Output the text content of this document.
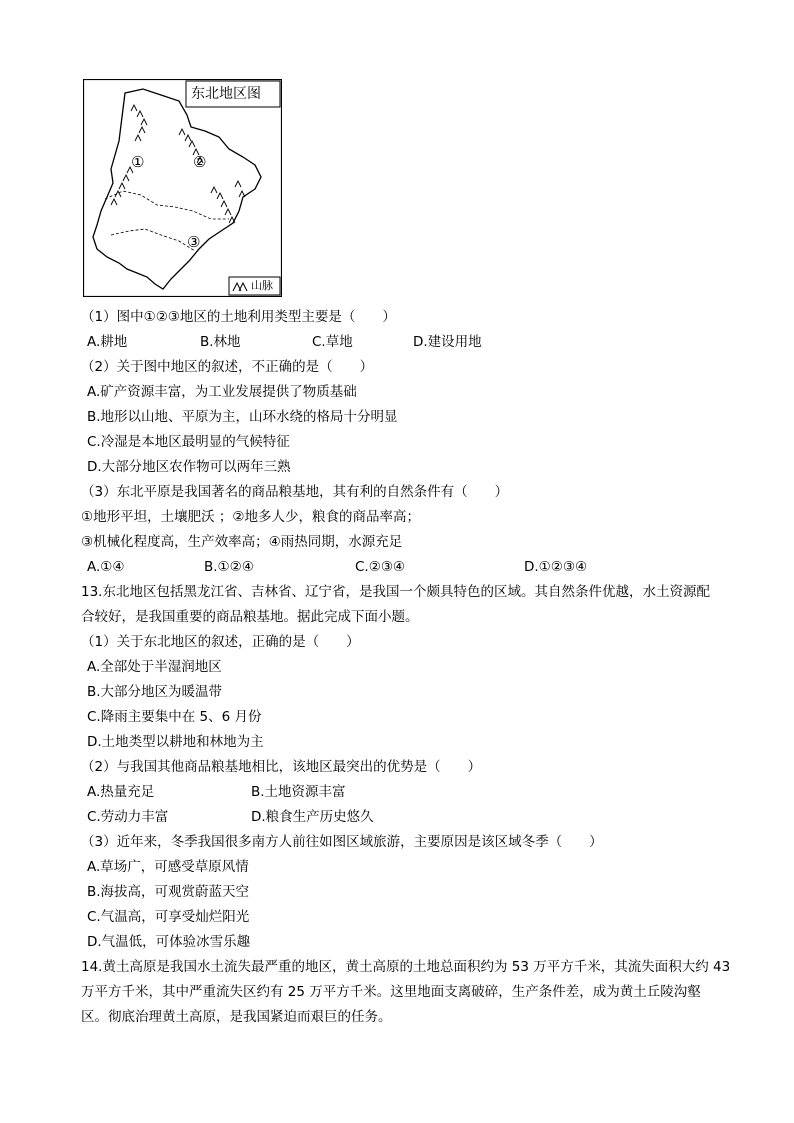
东北地区图
山脉
①	②
③
（1）图中①②③地区的土地利用类型主要是（　　）
A.耕地	B.林地	C.草地	D.建设用地
（2）关于图中地区的叙述，不正确的是（　　）
A.矿产资源丰富，为工业发展提供了物质基础
B.地形以山地、平原为主，山环水绕的格局十分明显
C.冷湿是本地区最明显的气候特征
D.大部分地区农作物可以两年三熟
（3）东北平原是我国著名的商品粮基地，其有利的自然条件有（　　）
①地形平坦，土壤肥沃 ；②地多人少，粮食的商品率高；
③机械化程度高，生产效率高；④雨热同期，水源充足
A.①④	B.①②④	C.②③④	D.①②③④
13.东北地区包括黑龙江省、吉林省、辽宁省，是我国一个颇具特色的区域。其自然条件优越，水土资源配
合较好，是我国重要的商品粮基地。据此完成下面小题。
（1）关于东北地区的叙述，正确的是（　　）
A.全部处于半湿润地区
B.大部分地区为暖温带
C.降雨主要集中在 5、6 月份
D.土地类型以耕地和林地为主
（2）与我国其他商品粮基地相比，该地区最突出的优势是（　　）
A.热量充足	B.土地资源丰富
C.劳动力丰富	D.粮食生产历史悠久
（3）近年来，冬季我国很多南方人前往如图区域旅游，主要原因是该区域冬季（　　）
A.草场广，可感受草原风情
B.海拔高，可观赏蔚蓝天空
C.气温高，可享受灿烂阳光
D.气温低，可体验冰雪乐趣
14.黄土高原是我国水土流失最严重的地区，黄土高原的土地总面积约为 53 万平方千米，其流失面积大约 43
万平方千米，其中严重流失区约有 25 万平方千米。这里地面支离破碎，生产条件差，成为黄土丘陵沟壑
区。彻底治理黄土高原，是我国紧迫而艰巨的任务。
